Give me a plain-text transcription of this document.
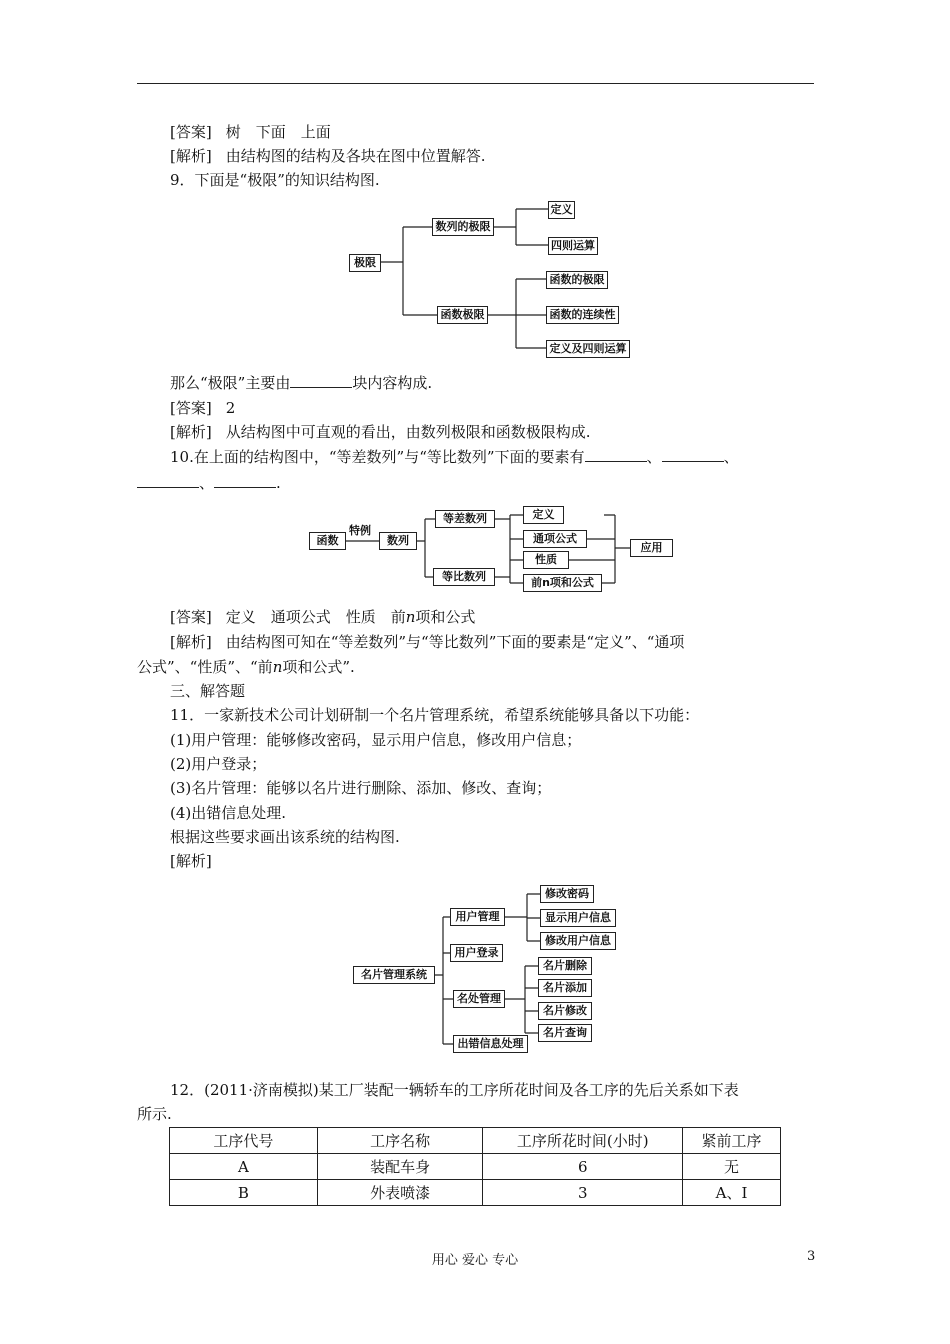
[答案] 树　下面　上面
[解析] 由结构图的结构及各块在图中位置解答.
9．下面是“极限”的知识结构图.
极限
数列的极限
函数极限
定义
四则运算
函数的极限
函数的连续性
定义及四则运算
那么“极限”主要由	块内容构成.
[答案] 2
[解析] 从结构图中可直观的看出，由数列极限和函数极限构成.
10.在上面的结构图中，“等差数列”与“等比数列”下面的要素有	、	、
、	.
函数
特例
数列
等差数列
等比数列
定义
通项公式
性质
前n项和公式
应用
[答案] 定义　通项公式　性质　前n项和公式
[解析] 由结构图可知在“等差数列”与“等比数列”下面的要素是“定义”、“通项
公式”、“性质”、“前n项和公式”.
三、解答题
11．一家新技术公司计划研制一个名片管理系统，希望系统能够具备以下功能：
(1)用户管理：能够修改密码，显示用户信息，修改用户信息；
(2)用户登录；
(3)名片管理：能够以名片进行删除、添加、修改、查询；
(4)出错信息处理.
根据这些要求画出该系统的结构图.
[解析]
名片管理系统
用户管理
用户登录
名处管理
出错信息处理
修改密码
显示用户信息
修改用户信息
名片删除
名片添加
名片修改
名片查询
12．(2011·济南模拟)某工厂装配一辆轿车的工序所花时间及各工序的先后关系如下表
所示.
工序代号	工序名称	工序所花时间(小时)	紧前工序
A	装配车身	6	无
B	外表喷漆	3	A、I
用心 爱心 专心	3
